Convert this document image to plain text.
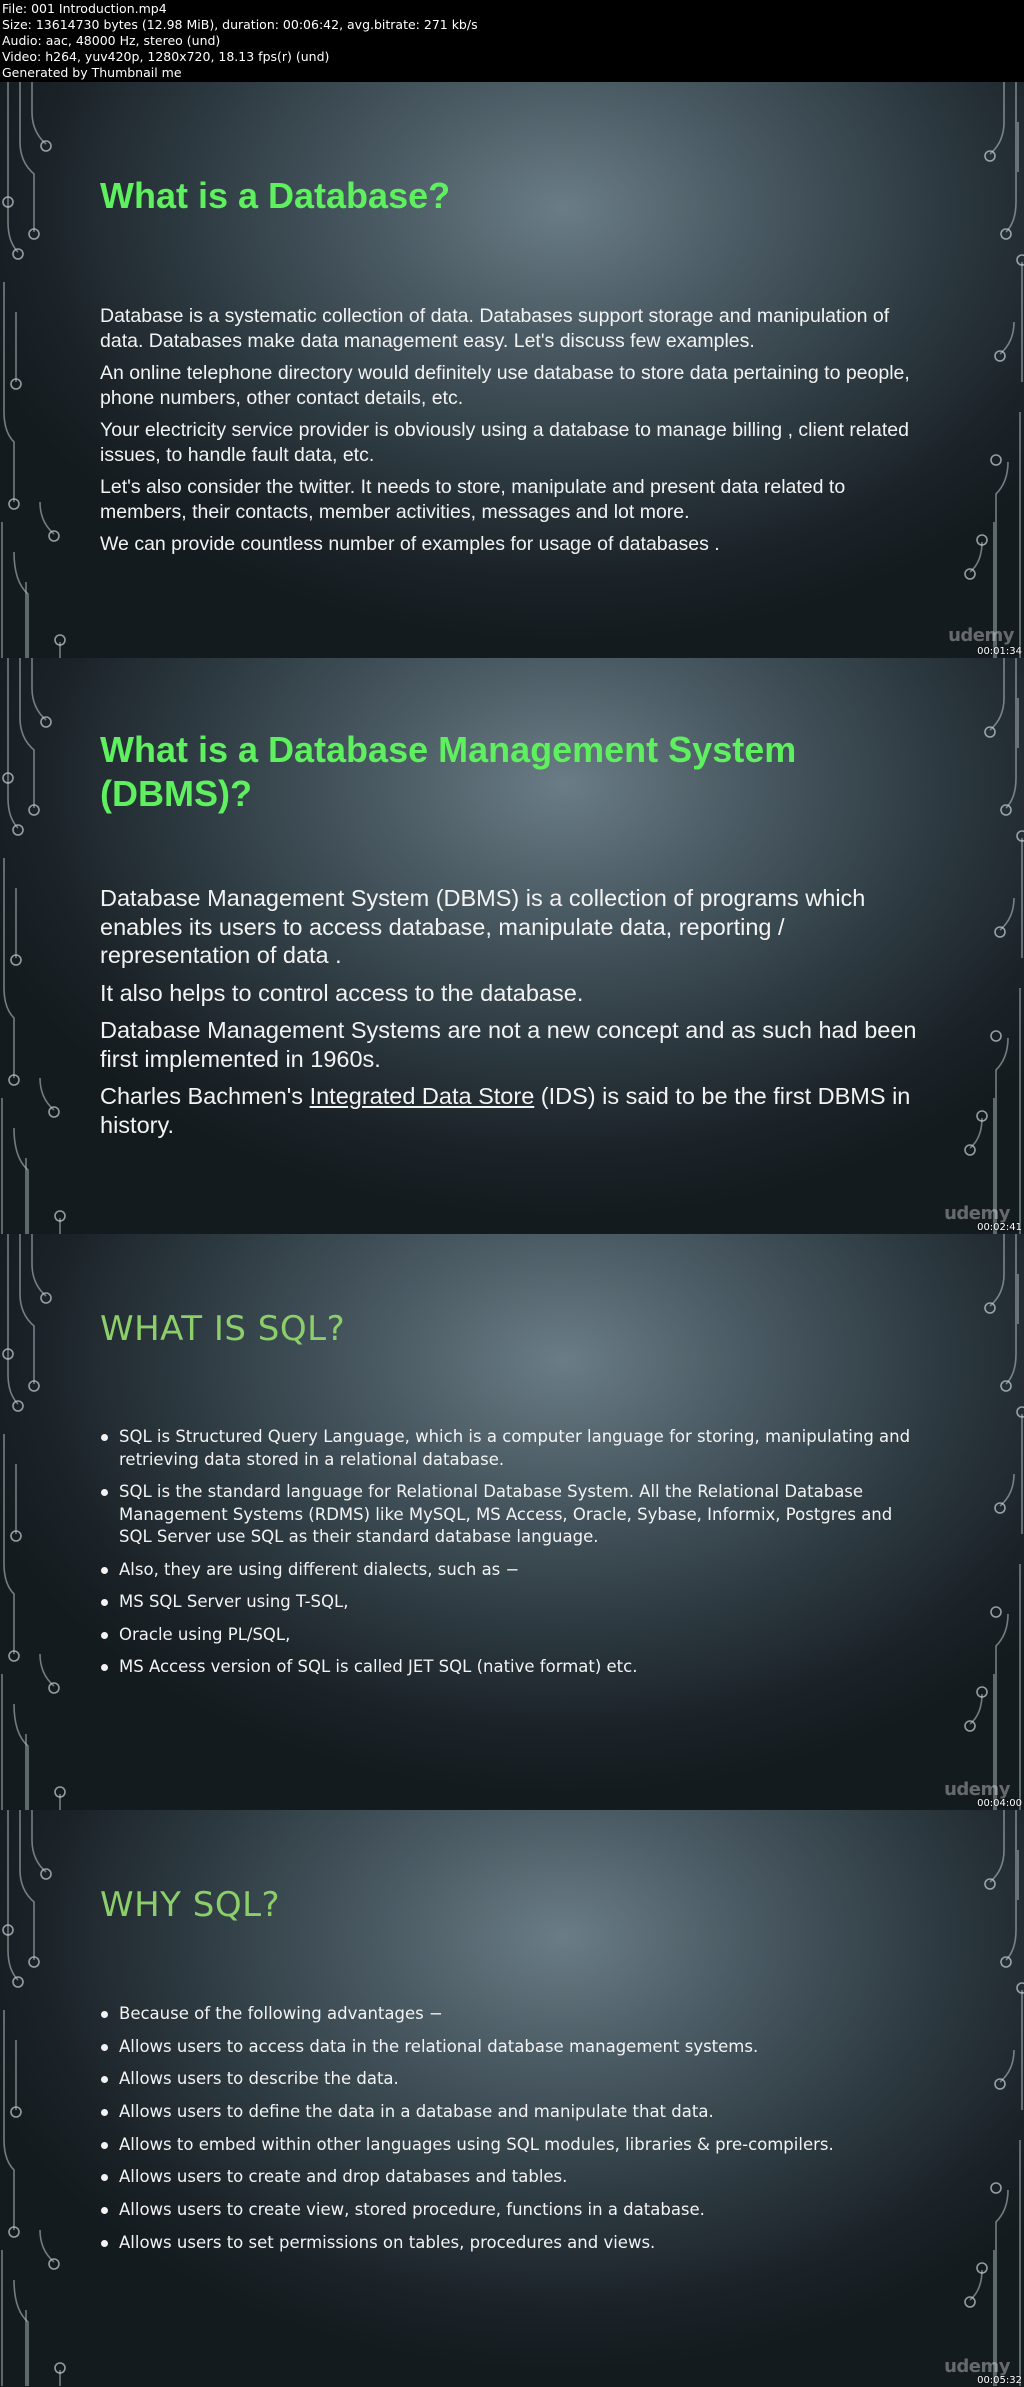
File: 001 Introduction.mp4
Size: 13614730 bytes (12.98 MiB), duration: 00:06:42, avg.bitrate: 271 kb/s
Audio: aac, 48000 Hz, stereo (und)
Video: h264, yuv420p, 1280x720, 18.13 fps(r) (und)
Generated by Thumbnail me
What is a Database?
Database is a systematic collection of data. Databases support storage and manipulation of data. Databases make data management easy. Let's discuss few examples.
An online telephone directory would definitely use database to store data pertaining to people, phone numbers, other contact details, etc.
Your electricity service provider is obviously using a database to manage billing , client related issues, to handle fault data, etc.
Let's also consider the twitter. It needs to store, manipulate and present data related to members, their contacts, member activities, messages and lot more.
We can provide countless number of examples for usage of databases .
udemy
00:01:34
What is a Database Management System (DBMS)?
Database Management System (DBMS) is a collection of programs which enables its users to access database, manipulate data, reporting / representation of data .
It also helps to control access to the database.
Database Management Systems are not a new concept and as such had been first implemented in 1960s.
Charles Bachmen's Integrated Data Store (IDS) is said to be the first DBMS in history.
udemy
00:02:41
WHAT IS SQL?
SQL is Structured Query Language, which is a computer language for storing, manipulating and retrieving data stored in a relational database.
SQL is the standard language for Relational Database System. All the Relational Database Management Systems (RDMS) like MySQL, MS Access, Oracle, Sybase, Informix, Postgres and SQL Server use SQL as their standard database language.
Also, they are using different dialects, such as −
MS SQL Server using T-SQL,
Oracle using PL/SQL,
MS Access version of SQL is called JET SQL (native format) etc.
udemy
00:04:00
WHY SQL?
Because of the following advantages −
Allows users to access data in the relational database management systems.
Allows users to describe the data.
Allows users to define the data in a database and manipulate that data.
Allows to embed within other languages using SQL modules, libraries & pre-compilers.
Allows users to create and drop databases and tables.
Allows users to create view, stored procedure, functions in a database.
Allows users to set permissions on tables, procedures and views.
udemy
00:05:32
